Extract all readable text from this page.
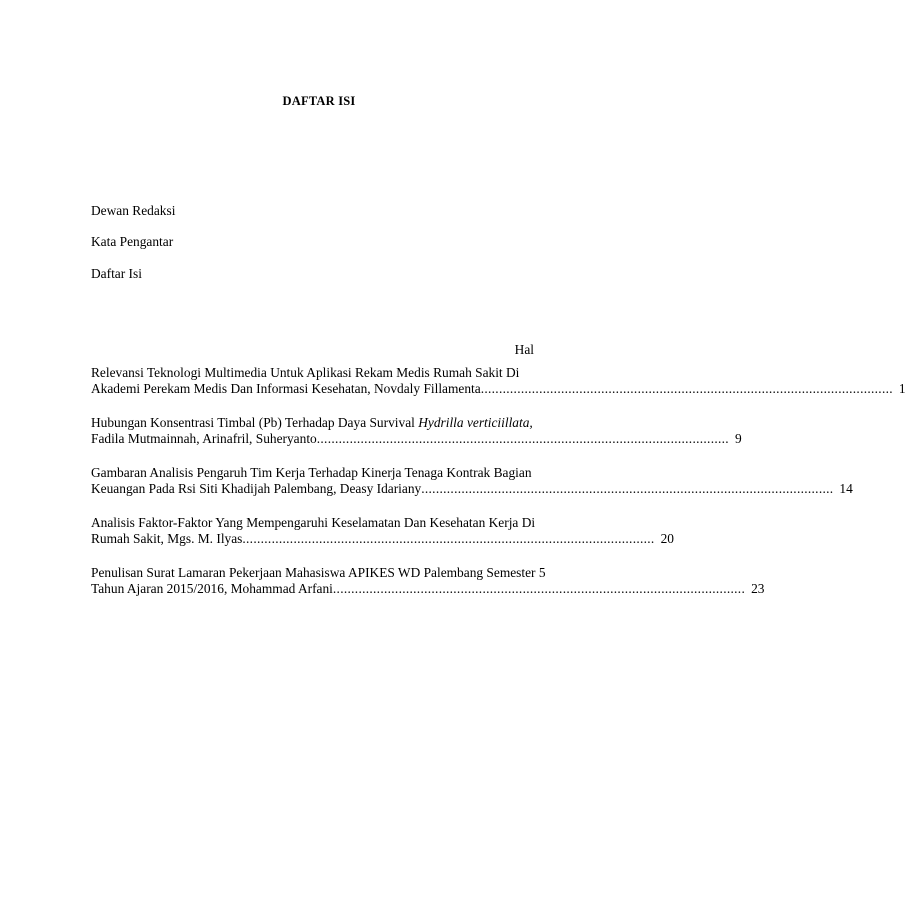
DAFTAR ISI
Dewan Redaksi
Kata Pengantar
Daftar Isi
Hal
Relevansi Teknologi Multimedia Untuk Aplikasi Rekam Medis Rumah Sakit Di
Akademi Perekam Medis Dan Informasi Kesehatan, Novdaly Fillamenta ................................................................................................................. 1
Hubungan Konsentrasi Timbal (Pb) Terhadap Daya Survival Hydrilla verticiillata,
Fadila Mutmainnah, Arinafril, Suheryanto ................................................................................................................. 9
Gambaran Analisis Pengaruh Tim Kerja Terhadap Kinerja Tenaga Kontrak Bagian
Keuangan Pada Rsi Siti Khadijah Palembang, Deasy Idariany ................................................................................................................. 14
Analisis Faktor-Faktor Yang Mempengaruhi Keselamatan Dan Kesehatan Kerja Di
Rumah Sakit, Mgs. M. Ilyas ................................................................................................................. 20
Penulisan Surat Lamaran Pekerjaan Mahasiswa APIKES WD Palembang Semester 5
Tahun Ajaran 2015/2016, Mohammad Arfani ................................................................................................................. 23
